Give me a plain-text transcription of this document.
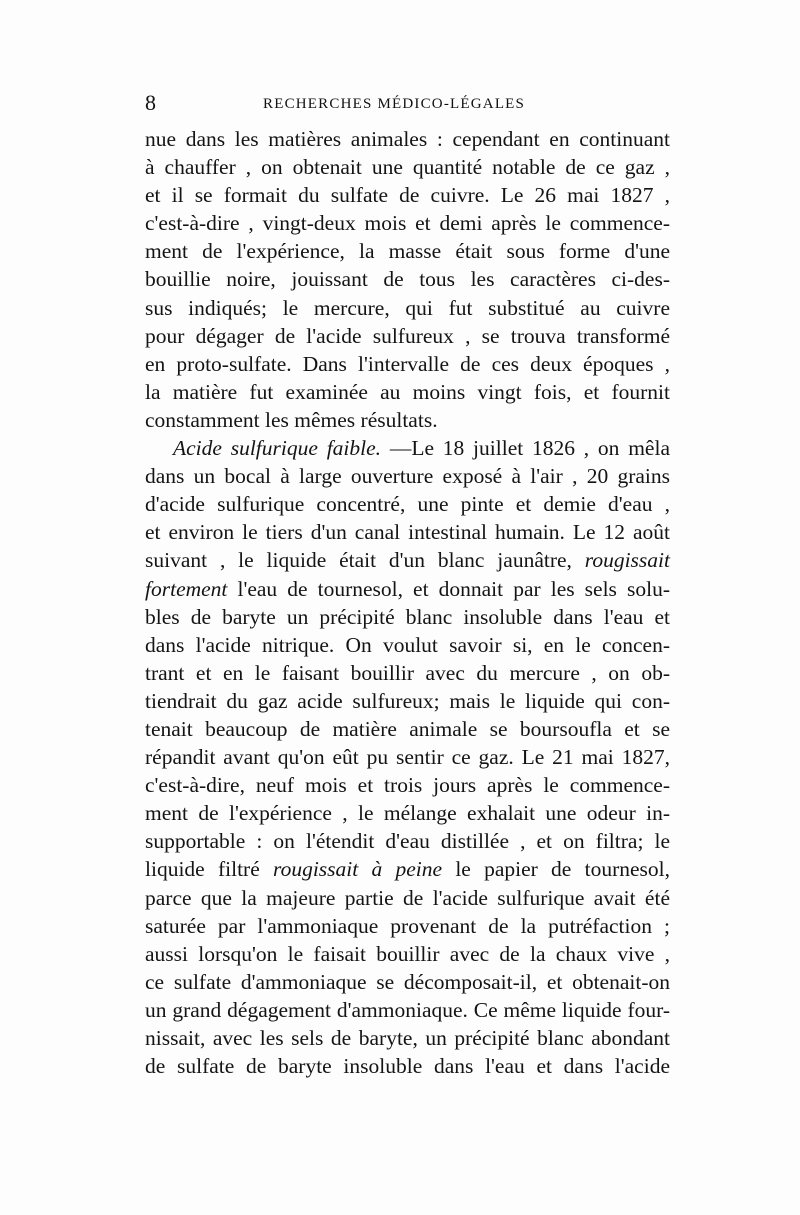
8	RECHERCHES MÉDICO-LÉGALES
nue dans les matières animales : cependant en continuant
à chauffer , on obtenait une quantité notable de ce gaz ,
et il se formait du sulfate de cuivre. Le 26 mai 1827 ,
c'est-à-dire , vingt-deux mois et demi après le commence-
ment de l'expérience, la masse était sous forme d'une
bouillie noire, jouissant de tous les caractères ci-des-
sus indiqués; le mercure, qui fut substitué au cuivre
pour dégager de l'acide sulfureux , se trouva transformé
en proto-sulfate. Dans l'intervalle de ces deux époques ,
la matière fut examinée au moins vingt fois, et fournit
constamment les mêmes résultats.
Acide sulfurique faible. —Le 18 juillet 1826 , on mêla
dans un bocal à large ouverture exposé à l'air , 20 grains
d'acide sulfurique concentré, une pinte et demie d'eau ,
et environ le tiers d'un canal intestinal humain. Le 12 août
suivant , le liquide était d'un blanc jaunâtre, rougissait
fortement l'eau de tournesol, et donnait par les sels solu-
bles de baryte un précipité blanc insoluble dans l'eau et
dans l'acide nitrique. On voulut savoir si, en le concen-
trant et en le faisant bouillir avec du mercure , on ob-
tiendrait du gaz acide sulfureux; mais le liquide qui con-
tenait beaucoup de matière animale se boursoufla et se
répandit avant qu'on eût pu sentir ce gaz. Le 21 mai 1827,
c'est-à-dire, neuf mois et trois jours après le commence-
ment de l'expérience , le mélange exhalait une odeur in-
supportable : on l'étendit d'eau distillée , et on filtra; le
liquide filtré rougissait à peine le papier de tournesol,
parce que la majeure partie de l'acide sulfurique avait été
saturée par l'ammoniaque provenant de la putréfaction ;
aussi lorsqu'on le faisait bouillir avec de la chaux vive ,
ce sulfate d'ammoniaque se décomposait-il, et obtenait-on
un grand dégagement d'ammoniaque. Ce même liquide four-
nissait, avec les sels de baryte, un précipité blanc abondant
de sulfate de baryte insoluble dans l'eau et dans l'acide
